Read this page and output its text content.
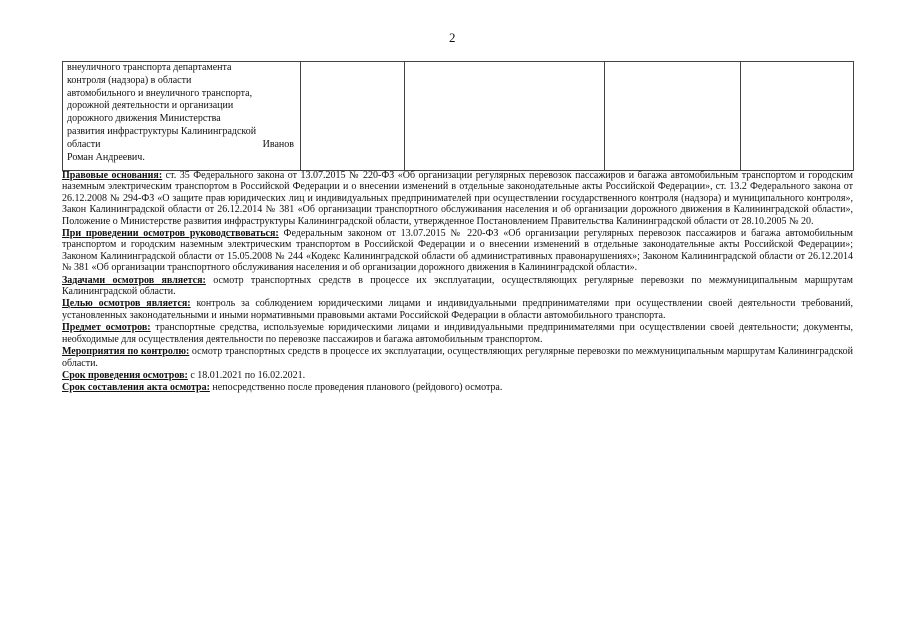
2
внеуличного транспорта департамента
контроля (надзора) в области
автомобильного и внеуличного транспорта,
дорожной деятельности и организации
дорожного движения Министерства
развития инфраструктуры Калининградской
области	Иванов
Роман Андреевич.

Правовые основания: ст. 35 Федерального закона от 13.07.2015 № 220-ФЗ «Об организации регулярных перевозок пассажиров и багажа автомобильным транспортом и городским наземным электрическим транспортом в Российской Федерации и о внесении изменений в отдельные законодательные акты Российской Федерации», ст. 13.2 Федерального закона от 26.12.2008 № 294-ФЗ «О защите прав юридических лиц и индивидуальных предпринимателей при осуществлении государственного контроля (надзора) и муниципального контроля», Закон Калининградской области от 26.12.2014 № 381 «Об организации транспортного обслуживания населения и об организации дорожного движения в Калининградской области», Положение о Министерстве развития инфраструктуры Калининградской области, утвержденное Постановлением Правительства Калининградской области от 28.10.2005 № 20.

При проведении осмотров руководствоваться: Федеральным законом от 13.07.2015 № 220-ФЗ «Об организации регулярных перевозок пассажиров и багажа автомобильным транспортом и городским наземным электрическим транспортом в Российской Федерации и о внесении изменений в отдельные законодательные акты Российской Федерации»; Законом Калининградской области от 15.05.2008 № 244 «Кодекс Калининградской области об административных правонарушениях»; Законом Калининградской области от 26.12.2014 № 381 «Об организации транспортного обслуживания населения и об организации дорожного движения в Калининградской области».

Задачами осмотров является: осмотр транспортных средств в процессе их эксплуатации, осуществляющих регулярные перевозки по межмуниципальным маршрутам Калининградской области.

Целью осмотров является: контроль за соблюдением юридическими лицами и индивидуальными предпринимателями при осуществлении своей деятельности требований, установленных законодательными и иными нормативными правовыми актами Российской Федерации в области автомобильного транспорта.

Предмет осмотров: транспортные средства, используемые юридическими лицами и индивидуальными предпринимателями при осуществлении своей деятельности; документы, необходимые для осуществления деятельности по перевозке пассажиров и багажа автомобильным транспортом.

Мероприятия по контролю: осмотр транспортных средств в процессе их эксплуатации, осуществляющих регулярные перевозки по межмуниципальным маршрутам Калининградской области.

Срок проведения осмотров: с 18.01.2021 по 16.02.2021.

Срок составления акта осмотра: непосредственно после проведения планового (рейдового) осмотра.
